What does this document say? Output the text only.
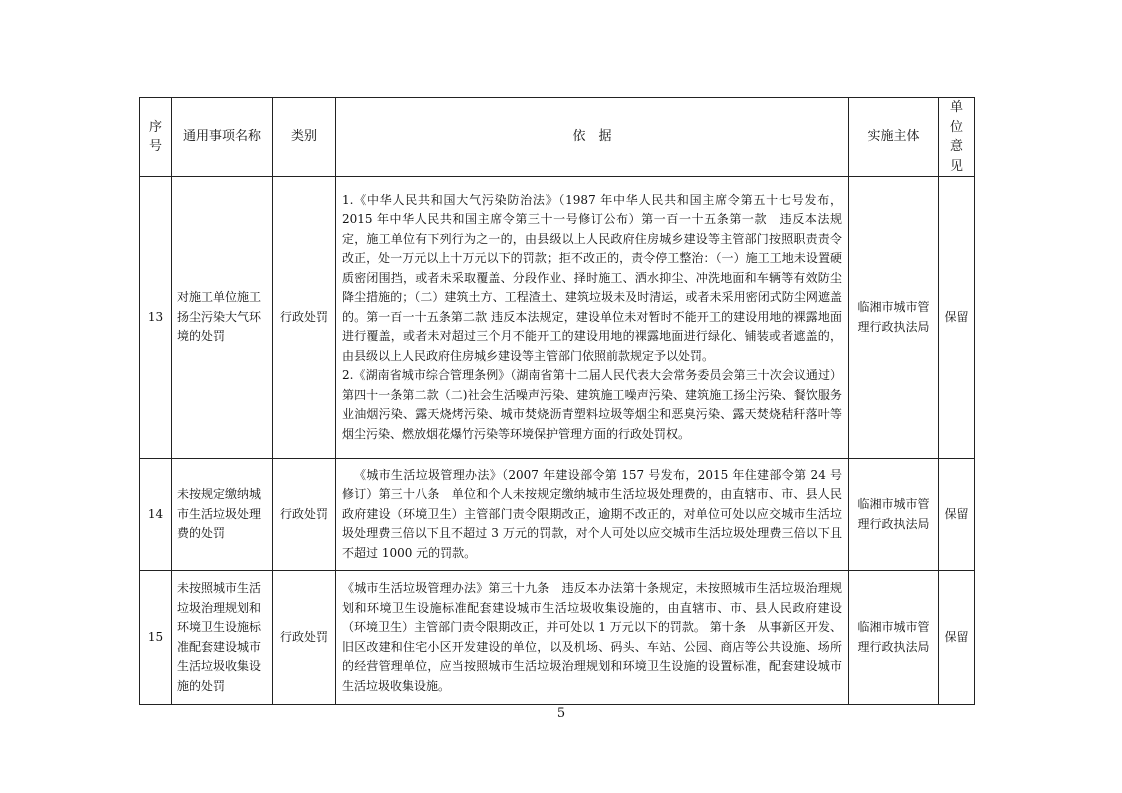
序号	通用事项名称	类别	依　据	实施主体	单位意见
13	对施工单位施工扬尘污染大气环境的处罚	行政处罚	1.《中华人民共和国大气污染防治法》（1987 年中华人民共和国主席令第五十七号发布，2015 年中华人民共和国主席令第三十一号修订公布）第一百一十五条第一款　违反本法规定，施工单位有下列行为之一的，由县级以上人民政府住房城乡建设等主管部门按照职责责令改正，处一万元以上十万元以下的罚款；拒不改正的，责令停工整治：（一）施工工地未设置硬质密闭围挡，或者未采取覆盖、分段作业、择时施工、洒水抑尘、冲洗地面和车辆等有效防尘降尘措施的；（二）建筑土方、工程渣土、建筑垃圾未及时清运，或者未采用密闭式防尘网遮盖的。第一百一十五条第二款 违反本法规定，建设单位未对暂时不能开工的建设用地的裸露地面进行覆盖，或者未对超过三个月不能开工的建设用地的裸露地面进行绿化、铺装或者遮盖的，由县级以上人民政府住房城乡建设等主管部门依照前款规定予以处罚。

2.《湖南省城市综合管理条例》（湖南省第十二届人民代表大会常务委员会第三十次会议通过）第四十一条第二款（二)社会生活噪声污染、建筑施工噪声污染、建筑施工扬尘污染、餐饮服务业油烟污染、露天烧烤污染、城市焚烧沥青塑料垃圾等烟尘和恶臭污染、露天焚烧秸秆落叶等烟尘污染、燃放烟花爆竹污染等环境保护管理方面的行政处罚权。	临湘市城市管理行政执法局	保留
14	未按规定缴纳城市生活垃圾处理费的处罚	行政处罚	《城市生活垃圾管理办法》（2007 年建设部令第 157 号发布，2015 年住建部令第 24 号修订）第三十八条　单位和个人未按规定缴纳城市生活垃圾处理费的，由直辖市、市、县人民政府建设（环境卫生）主管部门责令限期改正，逾期不改正的，对单位可处以应交城市生活垃圾处理费三倍以下且不超过 3 万元的罚款，对个人可处以应交城市生活垃圾处理费三倍以下且不超过 1000 元的罚款。	临湘市城市管理行政执法局	保留
15	未按照城市生活垃圾治理规划和环境卫生设施标准配套建设城市生活垃圾收集设施的处罚	行政处罚	《城市生活垃圾管理办法》第三十九条　违反本办法第十条规定，未按照城市生活垃圾治理规划和环境卫生设施标准配套建设城市生活垃圾收集设施的，由直辖市、市、县人民政府建设（环境卫生）主管部门责令限期改正，并可处以 1 万元以下的罚款。 第十条　从事新区开发、旧区改建和住宅小区开发建设的单位，以及机场、码头、车站、公园、商店等公共设施、场所的经营管理单位，应当按照城市生活垃圾治理规划和环境卫生设施的设置标准，配套建设城市生活垃圾收集设施。	临湘市城市管理行政执法局	保留
5
